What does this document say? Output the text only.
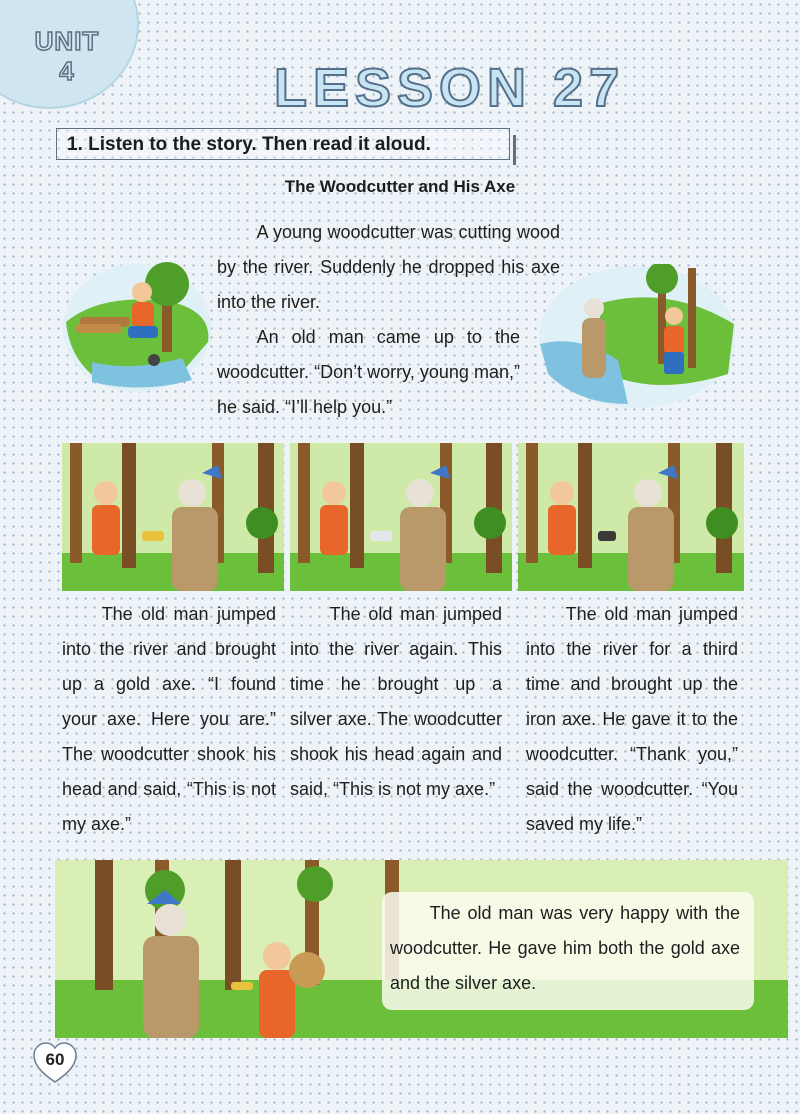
UNIT
4	LESSON 27
1. Listen to the story. Then read it aloud.
The Woodcutter and His Axe
A young woodcutter was cutting wood by the river. Suddenly he dropped his axe into the river.
An old man came up to the woodcutter. “Don’t worry, young man,” he said. “I’ll help you.”
The old man jumped into the river and brought up a gold axe. “I found your axe. Here you are.” The woodcutter shook his head and said, “This is not my axe.”
The old man jumped into the river again. This time he brought up a silver axe. The woodcutter shook his head again and said, “This is not my axe.”
The old man jumped into the river for a third time and brought up the iron axe. He gave it to the woodcutter. “Thank you,” said the woodcutter. “You saved my life.”
The old man was very happy with the woodcutter. He gave him both the gold axe and the silver axe.
60
